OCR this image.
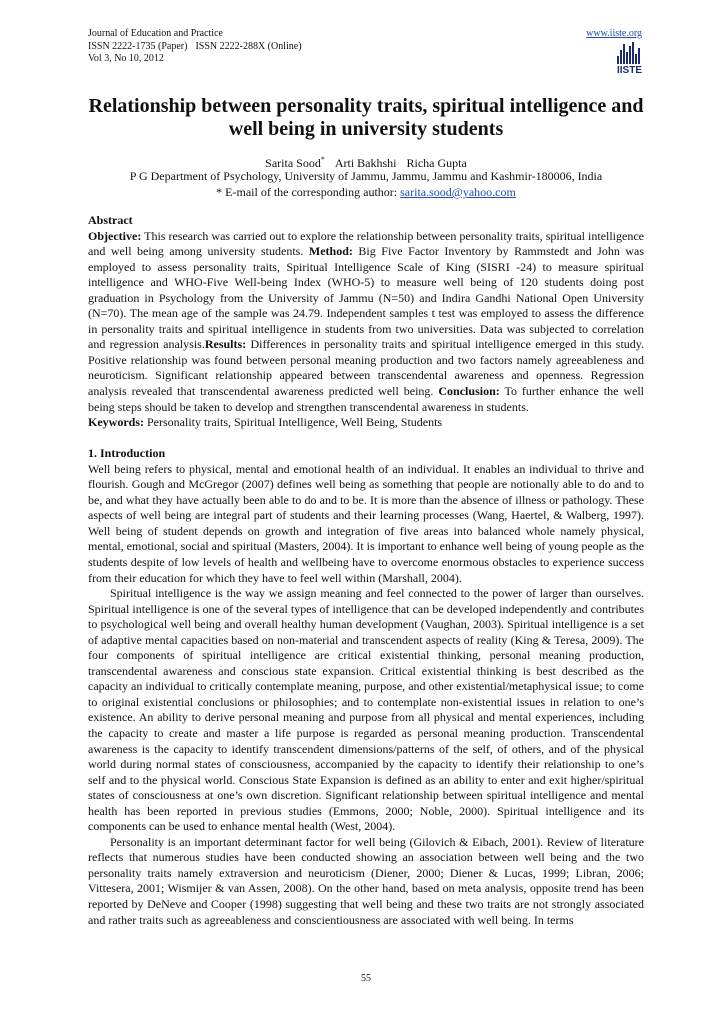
Journal of Education and Practice
ISSN 2222-1735 (Paper) ISSN 2222-288X (Online)
Vol 3, No 10, 2012
www.iiste.org
IISTE
Relationship between personality traits, spiritual intelligence and well being in university students
Sarita Sood* Arti Bakhshi Richa Gupta
P G Department of Psychology, University of Jammu, Jammu, Jammu and Kashmir-180006, India
* E-mail of the corresponding author: sarita.sood@yahoo.com

Abstract

Objective: This research was carried out to explore the relationship between personality traits, spiritual intelligence and well being among university students. Method: Big Five Factor Inventory by Rammstedt and John was employed to assess personality traits, Spiritual Intelligence Scale of King (SISRI -24) to measure spiritual intelligence and WHO-Five Well-being Index (WHO-5) to measure well being of 120 students doing post graduation in Psychology from the University of Jammu (N=50) and Indira Gandhi National Open University (N=70). The mean age of the sample was 24.79. Independent samples t test was employed to assess the difference in personality traits and spiritual intelligence in students from two universities. Data was subjected to correlation and regression analysis.Results: Differences in personality traits and spiritual intelligence emerged in this study. Positive relationship was found between personal meaning production and two factors namely agreeableness and neuroticism. Significant relationship appeared between transcendental awareness and openness. Regression analysis revealed that transcendental awareness predicted well being. Conclusion: To further enhance the well being steps should be taken to develop and strengthen transcendental awareness in students.

Keywords: Personality traits, Spiritual Intelligence, Well Being, Students

1. Introduction

Well being refers to physical, mental and emotional health of an individual. It enables an individual to thrive and flourish. Gough and McGregor (2007) defines well being as something that people are notionally able to do and to be, and what they have actually been able to do and to be. It is more than the absence of illness or pathology. These aspects of well being are integral part of students and their learning processes (Wang, Haertel, & Walberg, 1997). Well being of student depends on growth and integration of five areas into balanced whole namely physical, mental, emotional, social and spiritual (Masters, 2004). It is important to enhance well being of young people as the students despite of low levels of health and wellbeing have to overcome enormous obstacles to experience success from their education for which they have to feel well within (Marshall, 2004).

Spiritual intelligence is the way we assign meaning and feel connected to the power of larger than ourselves. Spiritual intelligence is one of the several types of intelligence that can be developed independently and contributes to psychological well being and overall healthy human development (Vaughan, 2003). Spiritual intelligence is a set of adaptive mental capacities based on non-material and transcendent aspects of reality (King & Teresa, 2009). The four components of spiritual intelligence are critical existential thinking, personal meaning production, transcendental awareness and conscious state expansion. Critical existential thinking is best described as the capacity an individual to critically contemplate meaning, purpose, and other existential/metaphysical issue; to come to original existential conclusions or philosophies; and to contemplate non-existential issues in relation to one’s existence. An ability to derive personal meaning and purpose from all physical and mental experiences, including the capacity to create and master a life purpose is regarded as personal meaning production. Transcendental awareness is the capacity to identify transcendent dimensions/patterns of the self, of others, and of the physical world during normal states of consciousness, accompanied by the capacity to identify their relationship to one’s self and to the physical world. Conscious State Expansion is defined as an ability to enter and exit higher/spiritual states of consciousness at one’s own discretion. Significant relationship between spiritual intelligence and mental health has been reported in previous studies (Emmons, 2000; Noble, 2000). Spiritual intelligence and its components can be used to enhance mental health (West, 2004).

Personality is an important determinant factor for well being (Gilovich & Eibach, 2001). Review of literature reflects that numerous studies have been conducted showing an association between well being and the two personality traits namely extraversion and neuroticism (Diener, 2000; Diener & Lucas, 1999; Libran, 2006; Vittesera, 2001; Wismijer & van Assen, 2008). On the other hand, based on meta analysis, opposite trend has been reported by DeNeve and Cooper (1998) suggesting that well being and these two traits are not strongly associated and rather traits such as agreeableness and conscientiousness are associated with well being. In terms

55
